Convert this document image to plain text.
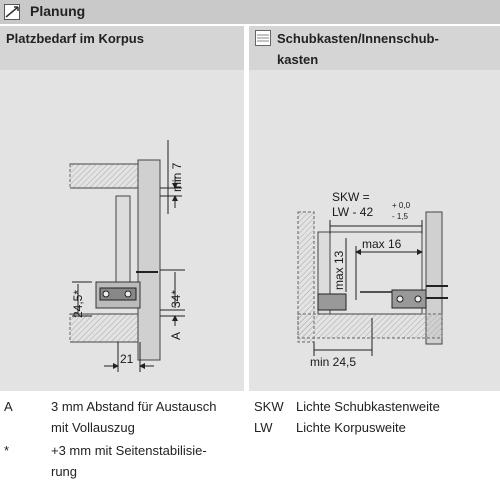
Planung
Platzbedarf im Korpus	Schubkasten/Innenschub-
kasten
min 7
34*
24,5*
A
21
SKW =
LW - 42 + 0,0
- 1,5
max 13
max 16
min 24,5
A	3 mm Abstand für Austausch
mit Vollauszug
*	+3 mm mit Seitenstabilisie-
rung
SKW Lichte Schubkastenweite
LW Lichte Korpusweite
